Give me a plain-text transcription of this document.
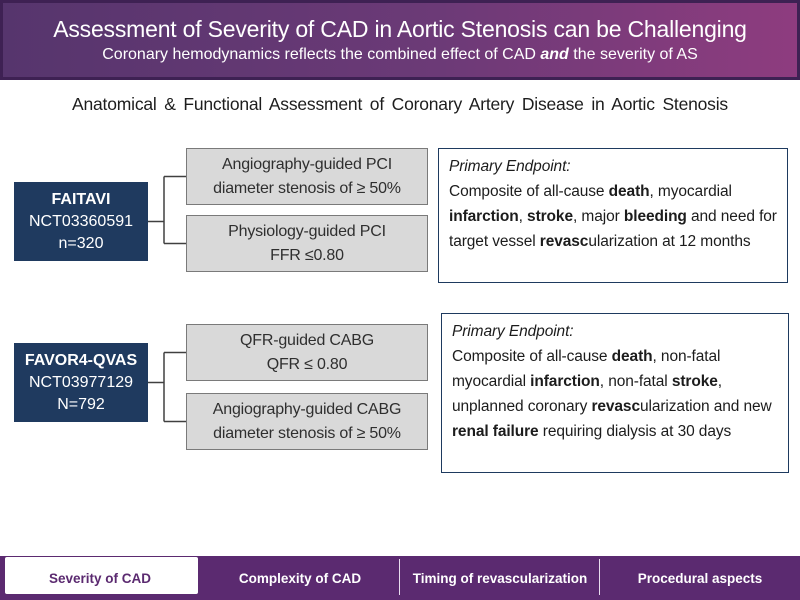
Assessment of Severity of CAD in Aortic Stenosis can be Challenging
Coronary hemodynamics reflects the combined effect of CAD and the severity of AS
Anatomical & Functional Assessment of Coronary Artery Disease in Aortic Stenosis
FAITAVI
NCT03360591
n=320
Angiography-guided PCI
diameter stenosis of ≥ 50%
Physiology-guided PCI
FFR ≤0.80
Primary Endpoint:
Composite of all-cause death, myocardial infarction, stroke, major bleeding and need for target vessel revascularization at 12 months
FAVOR4-QVAS
NCT03977129
N=792
QFR-guided CABG
QFR ≤ 0.80
Angiography-guided CABG
diameter stenosis of ≥ 50%
Primary Endpoint:
Composite of all-cause death, non-fatal myocardial infarction, non-fatal stroke, unplanned coronary revascularization and new renal failure requiring dialysis at 30 days
Severity of CAD	Complexity of CAD	Timing of revascularization	Procedural aspects
